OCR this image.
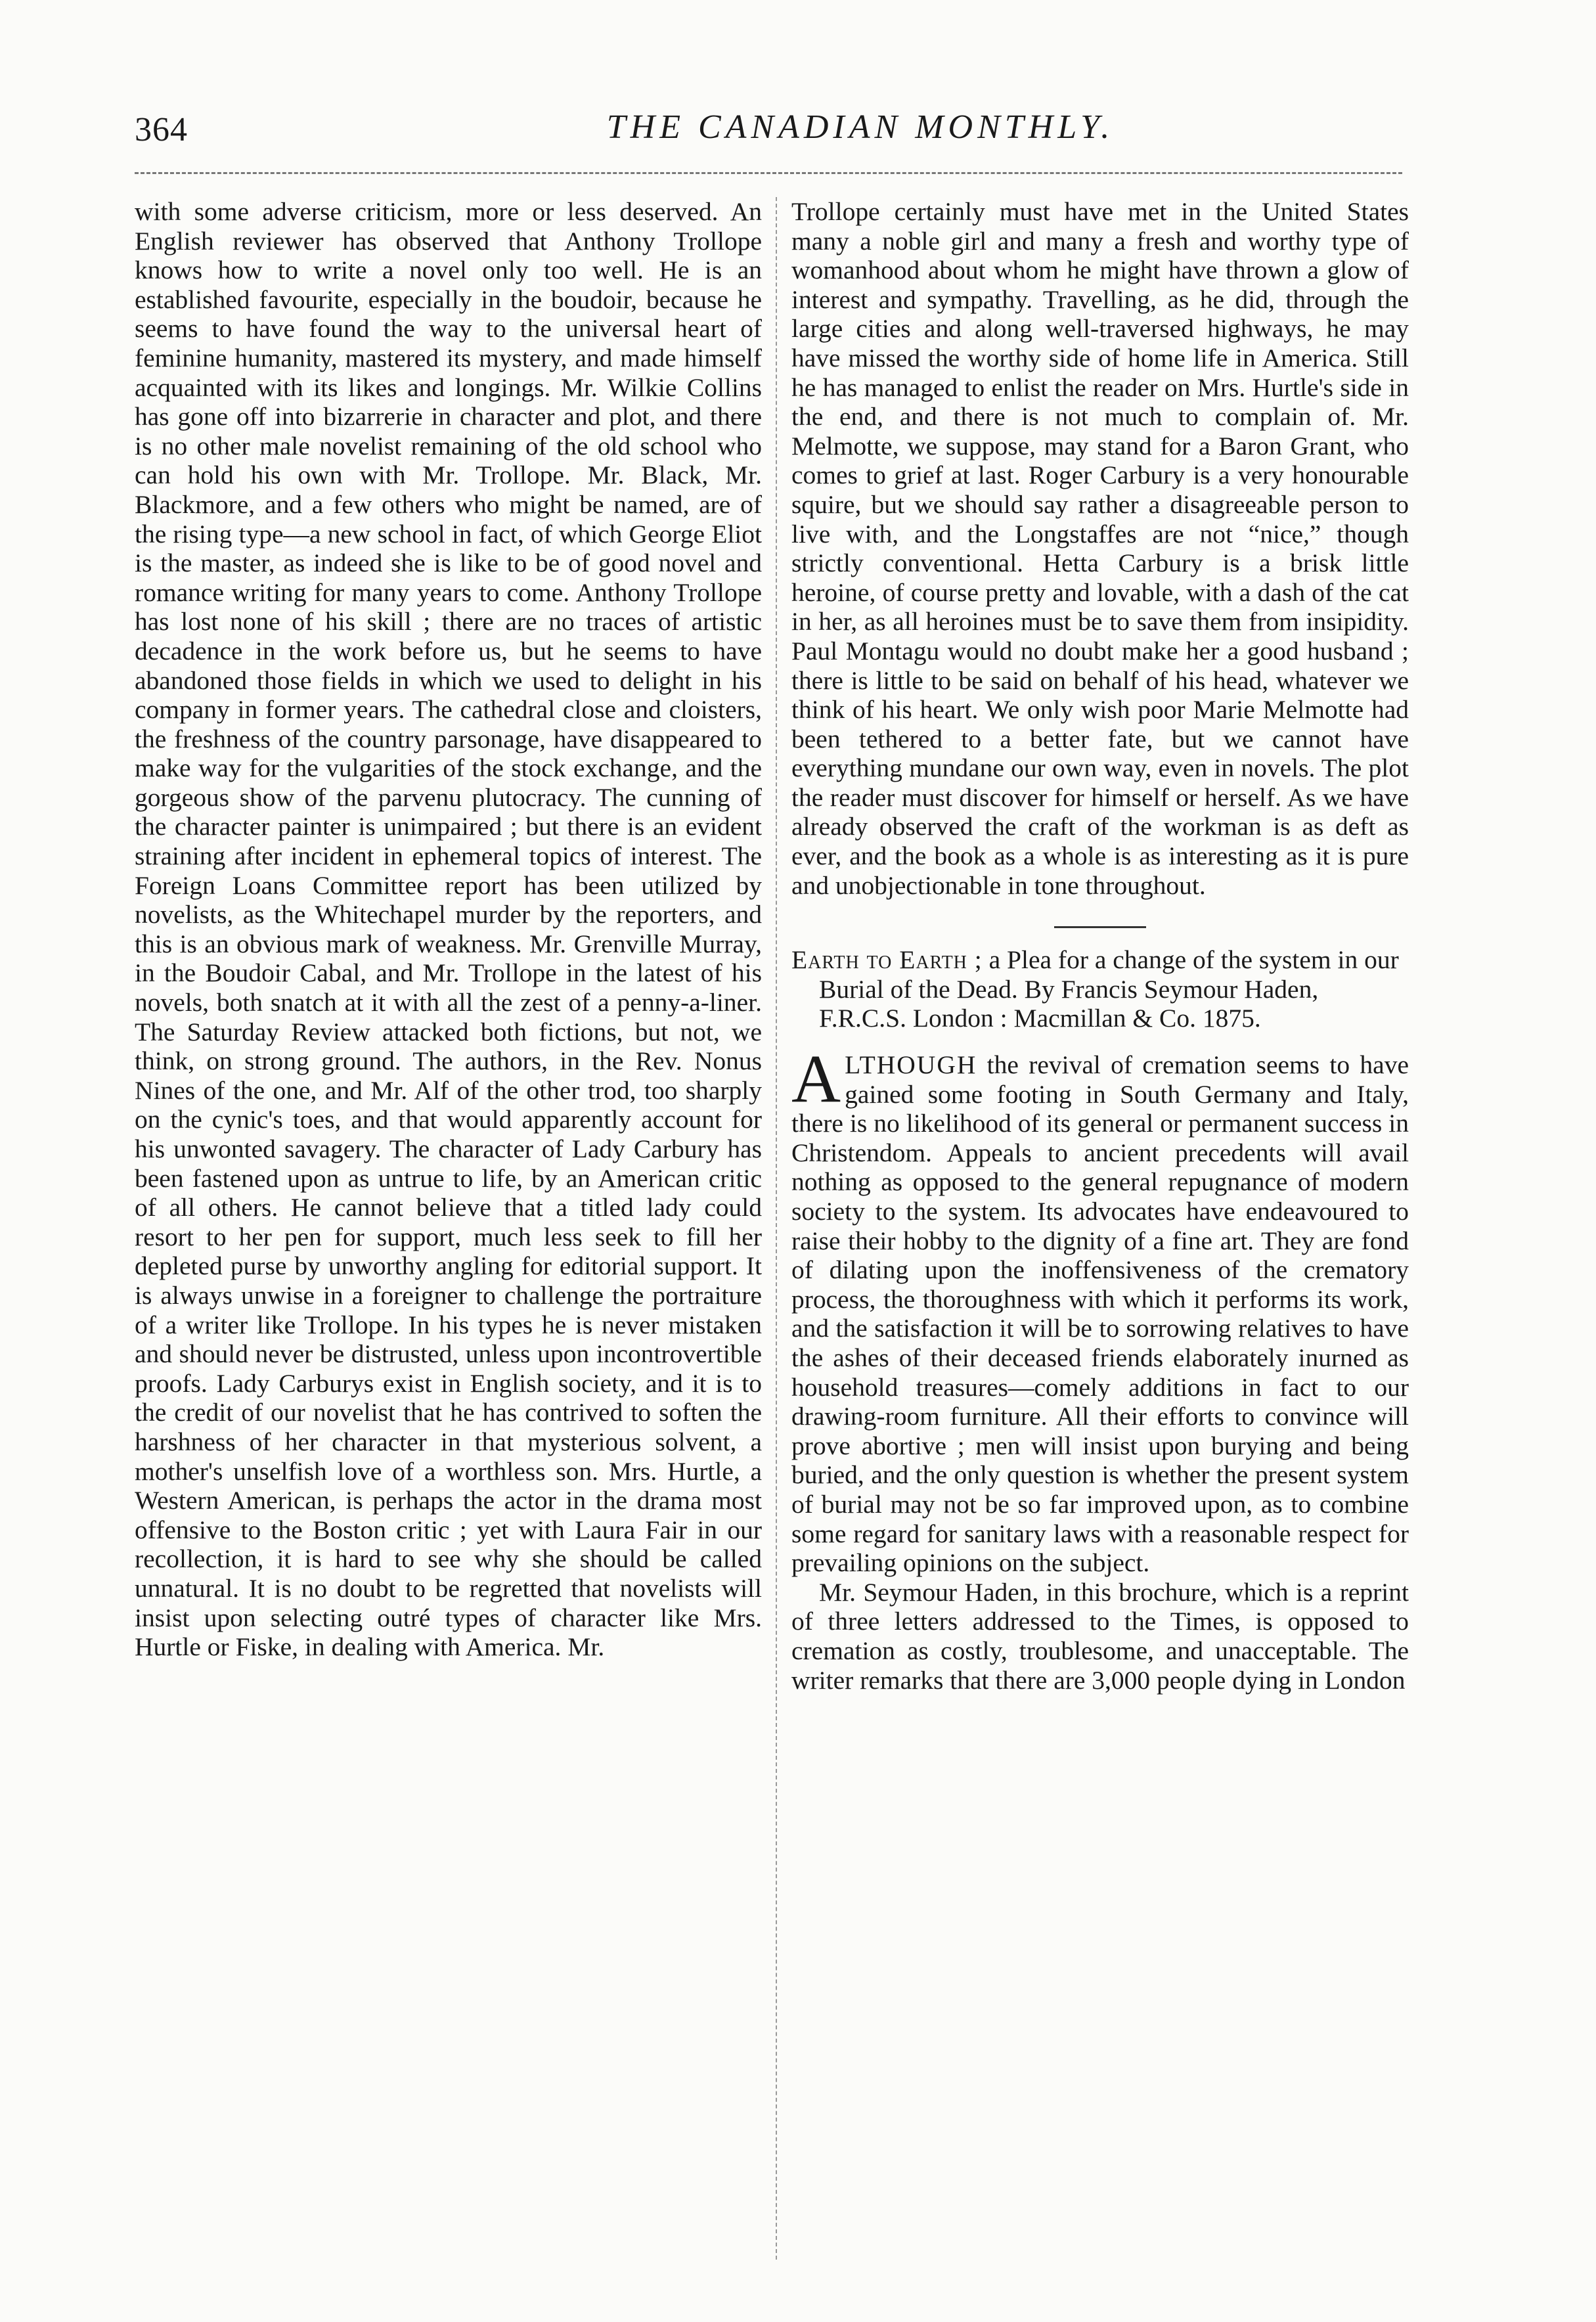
364	THE CANADIAN MONTHLY.

with some adverse criticism, more or less deserved. An English reviewer has observed that Anthony Trollope knows how to write a novel only too well. He is an established favourite, especially in the boudoir, because he seems to have found the way to the universal heart of feminine humanity, mastered its mystery, and made himself acquainted with its likes and longings. Mr. Wilkie Collins has gone off into bizarrerie in character and plot, and there is no other male novelist remaining of the old school who can hold his own with Mr. Trollope. Mr. Black, Mr. Blackmore, and a few others who might be named, are of the rising type—a new school in fact, of which George Eliot is the master, as indeed she is like to be of good novel and romance writing for many years to come. Anthony Trollope has lost none of his skill ; there are no traces of artistic decadence in the work before us, but he seems to have abandoned those fields in which we used to delight in his company in former years. The cathedral close and cloisters, the freshness of the country parsonage, have disappeared to make way for the vulgarities of the stock exchange, and the gorgeous show of the parvenu plutocracy. The cunning of the character painter is unimpaired ; but there is an evident straining after incident in ephemeral topics of interest. The Foreign Loans Committee report has been utilized by novelists, as the Whitechapel murder by the reporters, and this is an obvious mark of weakness. Mr. Grenville Murray, in the Boudoir Cabal, and Mr. Trollope in the latest of his novels, both snatch at it with all the zest of a penny-a-liner. The Saturday Review attacked both fictions, but not, we think, on strong ground. The authors, in the Rev. Nonus Nines of the one, and Mr. Alf of the other trod, too sharply on the cynic's toes, and that would apparently account for his unwonted savagery. The character of Lady Carbury has been fastened upon as untrue to life, by an American critic of all others. He cannot believe that a titled lady could resort to her pen for support, much less seek to fill her depleted purse by unworthy angling for editorial support. It is always unwise in a foreigner to challenge the portraiture of a writer like Trollope. In his types he is never mistaken and should never be distrusted, unless upon incontrovertible proofs. Lady Carburys exist in English society, and it is to the credit of our novelist that he has contrived to soften the harshness of her character in that mysterious solvent, a mother's unselfish love of a worthless son. Mrs. Hurtle, a Western American, is perhaps the actor in the drama most offensive to the Boston critic ; yet with Laura Fair in our recollection, it is hard to see why she should be called unnatural. It is no doubt to be regretted that novelists will insist upon selecting outré types of character like Mrs. Hurtle or Fiske, in dealing with America. Mr.

Trollope certainly must have met in the United States many a noble girl and many a fresh and worthy type of womanhood about whom he might have thrown a glow of interest and sympathy. Travelling, as he did, through the large cities and along well-traversed highways, he may have missed the worthy side of home life in America. Still he has managed to enlist the reader on Mrs. Hurtle's side in the end, and there is not much to complain of. Mr. Melmotte, we suppose, may stand for a Baron Grant, who comes to grief at last. Roger Carbury is a very honourable squire, but we should say rather a disagreeable person to live with, and the Longstaffes are not “nice,” though strictly conventional. Hetta Carbury is a brisk little heroine, of course pretty and lovable, with a dash of the cat in her, as all heroines must be to save them from insipidity. Paul Montagu would no doubt make her a good husband ; there is little to be said on behalf of his head, whatever we think of his heart. We only wish poor Marie Melmotte had been tethered to a better fate, but we cannot have everything mundane our own way, even in novels. The plot the reader must discover for himself or herself. As we have already observed the craft of the workman is as deft as ever, and the book as a whole is as interesting as it is pure and unobjectionable in tone throughout.

Earth to Earth ; a Plea for a change of the system in our Burial of the Dead. By Francis Seymour Haden, F.R.C.S. London : Macmillan & Co. 1875.

ALTHOUGH the revival of cremation seems to have gained some footing in South Germany and Italy, there is no likelihood of its general or permanent success in Christendom. Appeals to ancient precedents will avail nothing as opposed to the general repugnance of modern society to the system. Its advocates have endeavoured to raise their hobby to the dignity of a fine art. They are fond of dilating upon the inoffensiveness of the crematory process, the thoroughness with which it performs its work, and the satisfaction it will be to sorrowing relatives to have the ashes of their deceased friends elaborately inurned as household treasures—comely additions in fact to our drawing-room furniture. All their efforts to convince will prove abortive ; men will insist upon burying and being buried, and the only question is whether the present system of burial may not be so far improved upon, as to combine some regard for sanitary laws with a reasonable respect for prevailing opinions on the subject.

Mr. Seymour Haden, in this brochure, which is a reprint of three letters addressed to the Times, is opposed to cremation as costly, troublesome, and unacceptable. The writer remarks that there are 3,000 people dying in London
